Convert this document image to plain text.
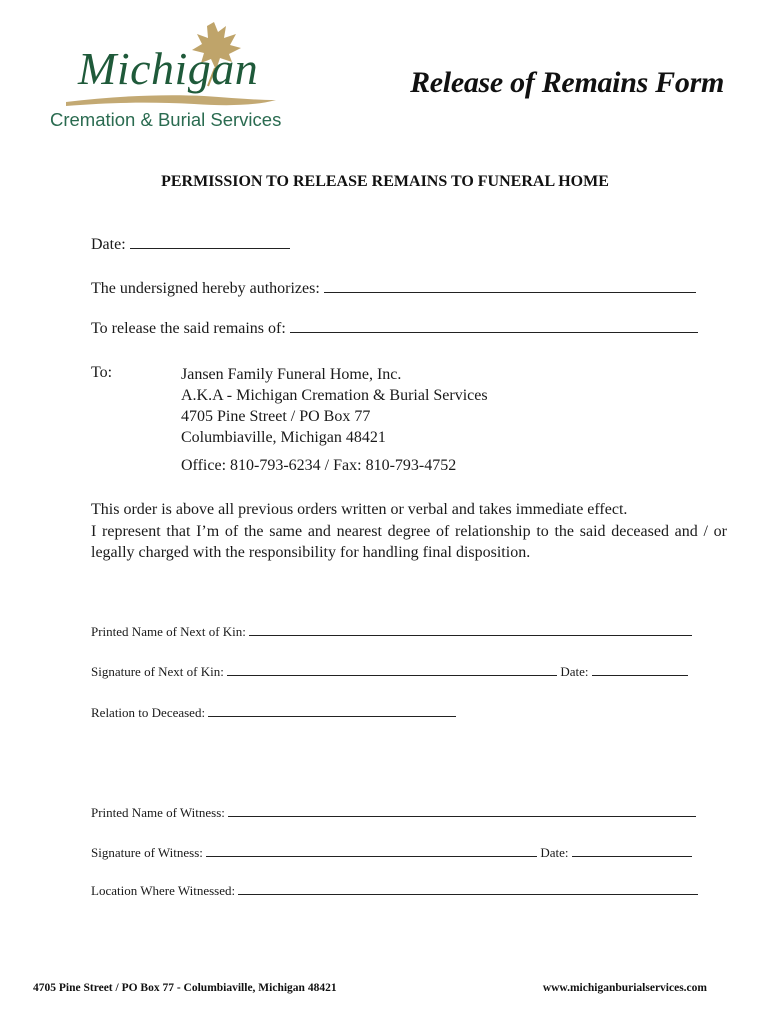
Michigan

Cremation & Burial Services

Release of Remains Form
PERMISSION TO RELEASE REMAINS TO FUNERAL HOME
Date:
The undersigned hereby authorizes:
To release the said remains of:
To:	Jansen Family Funeral Home, Inc.
A.K.A - Michigan Cremation & Burial Services
4705 Pine Street / PO Box 77
Columbiaville, Michigan 48421
Office: 810-793-6234 / Fax: 810-793-4752

This order is above all previous orders written or verbal and takes immediate effect.

I represent that I’m of the same and nearest degree of relationship to the said deceased and / or legally charged with the responsibility for handling final disposition.

Printed Name of Next of Kin:
Signature of Next of Kin:	Date:
Relation to Deceased:
Printed Name of Witness:
Signature of Witness:	Date:
Location Where Witnessed:
4705 Pine Street / PO Box 77 - Columbiaville, Michigan 48421	www.michiganburialservices.com
